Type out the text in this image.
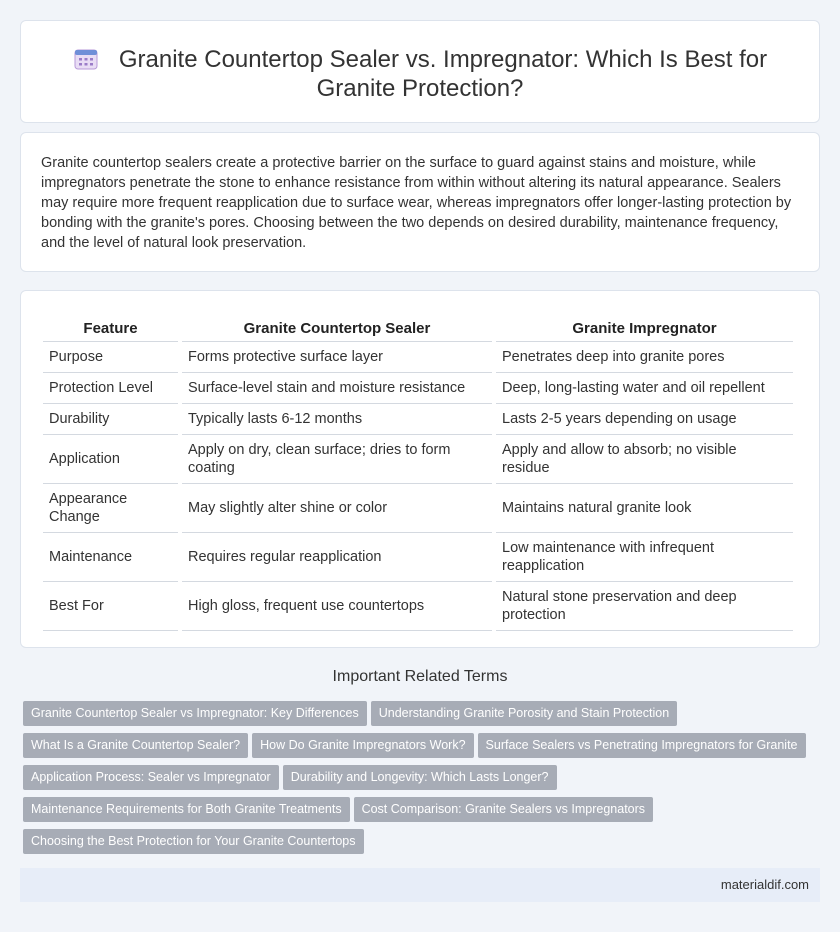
Granite Countertop Sealer vs. Impregnator: Which Is Best for
Granite Protection?

Granite countertop sealers create a protective barrier on the surface to guard against stains and moisture, while impregnators penetrate the stone to enhance resistance from within without altering its natural appearance. Sealers may require more frequent reapplication due to surface wear, whereas impregnators offer longer-lasting protection by bonding with the granite's pores. Choosing between the two depends on desired durability, maintenance frequency, and the level of natural look preservation.

Feature	Granite Countertop Sealer	Granite Impregnator
Purpose	Forms protective surface layer	Penetrates deep into granite pores
Protection Level	Surface-level stain and moisture resistance	Deep, long-lasting water and oil repellent
Durability	Typically lasts 6-12 months	Lasts 2-5 years depending on usage
Application	Apply on dry, clean surface; dries to form coating	Apply and allow to absorb; no visible residue
Appearance Change	May slightly alter shine or color	Maintains natural granite look
Maintenance	Requires regular reapplication	Low maintenance with infrequent reapplication
Best For	High gloss, frequent use countertops	Natural stone preservation and deep protection
Important Related Terms
Granite Countertop Sealer vs Impregnator: Key Differences Understanding Granite Porosity and Stain Protection
What Is a Granite Countertop Sealer? How Do Granite Impregnators Work? Surface Sealers vs Penetrating Impregnators for Granite
Application Process: Sealer vs Impregnator Durability and Longevity: Which Lasts Longer?
Maintenance Requirements for Both Granite Treatments Cost Comparison: Granite Sealers vs Impregnators
Choosing the Best Protection for Your Granite Countertops
materialdif.com
